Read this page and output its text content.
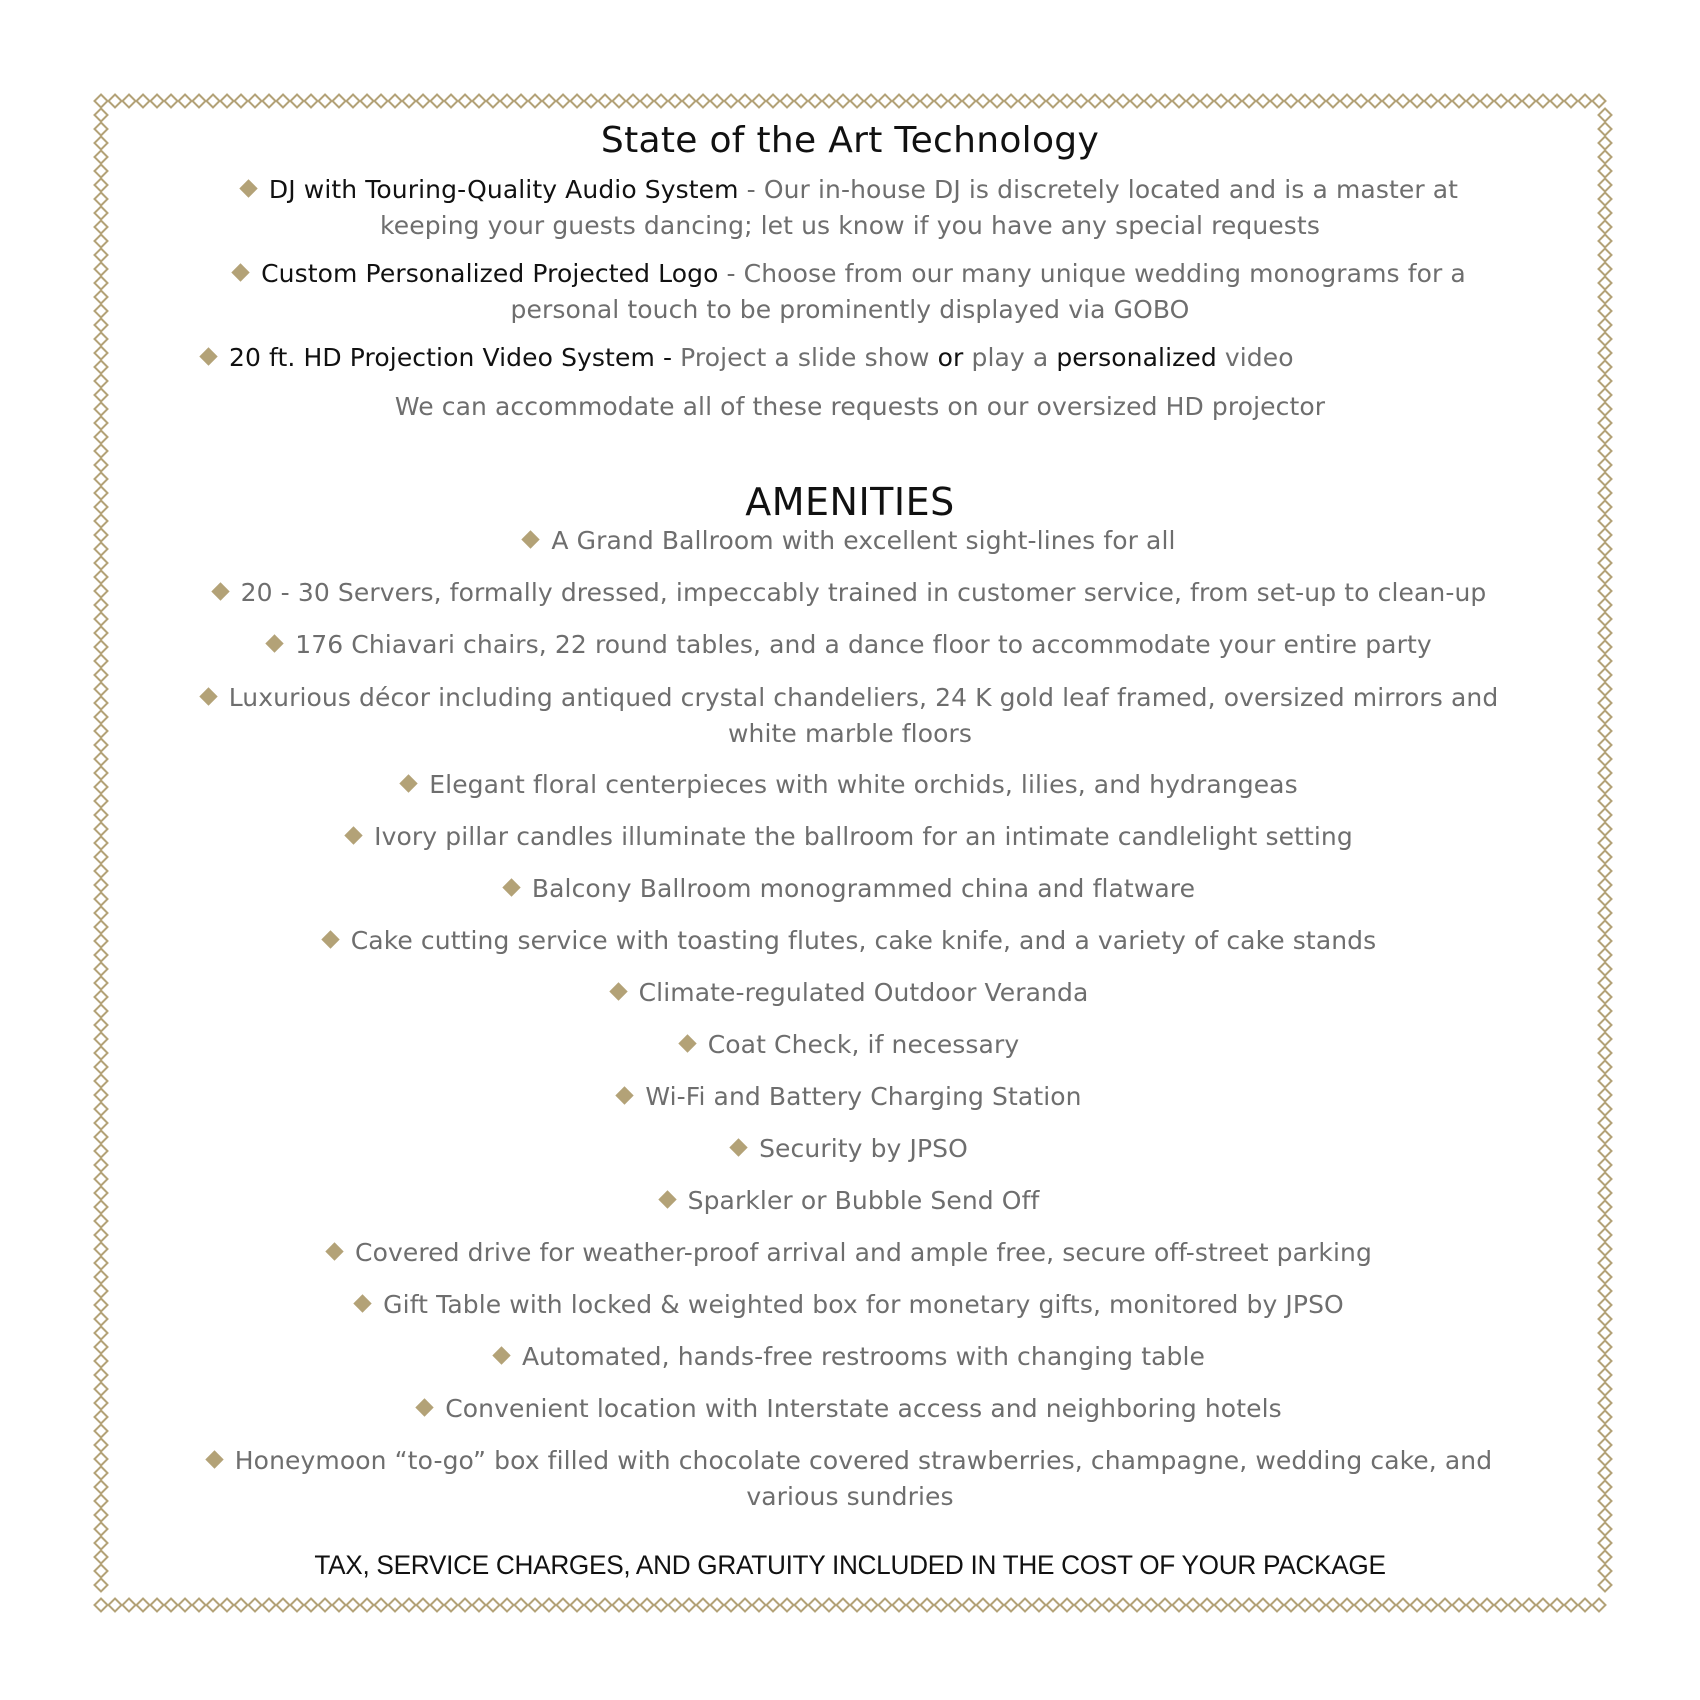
State of the Art Technology
DJ with Touring-Quality Audio System - Our in-house DJ is discretely located and is a master at
keeping your guests dancing; let us know if you have any special requests
Custom Personalized Projected Logo - Choose from our many unique wedding monograms for a
personal touch to be prominently displayed via GOBO
20 ft. HD Projection Video System - Project a slide show or play a personalized video
We can accommodate all of these requests on our oversized HD projector
AMENITIES
A Grand Ballroom with excellent sight-lines for all
20 - 30 Servers, formally dressed, impeccably trained in customer service, from set-up to clean-up
176 Chiavari chairs, 22 round tables, and a dance floor to accommodate your entire party
Luxurious décor including antiqued crystal chandeliers, 24 K gold leaf framed, oversized mirrors and
white marble floors
Elegant floral centerpieces with white orchids, lilies, and hydrangeas
Ivory pillar candles illuminate the ballroom for an intimate candlelight setting
Balcony Ballroom monogrammed china and flatware
Cake cutting service with toasting flutes, cake knife, and a variety of cake stands
Climate-regulated Outdoor Veranda
Coat Check, if necessary
Wi-Fi and Battery Charging Station
Security by JPSO
Sparkler or Bubble Send Off
Covered drive for weather-proof arrival and ample free, secure off-street parking
Gift Table with locked & weighted box for monetary gifts, monitored by JPSO
Automated, hands-free restrooms with changing table
Convenient location with Interstate access and neighboring hotels
Honeymoon “to-go” box filled with chocolate covered strawberries, champagne, wedding cake, and
various sundries
TAX, SERVICE CHARGES, AND GRATUITY INCLUDED IN THE COST OF YOUR PACKAGE
